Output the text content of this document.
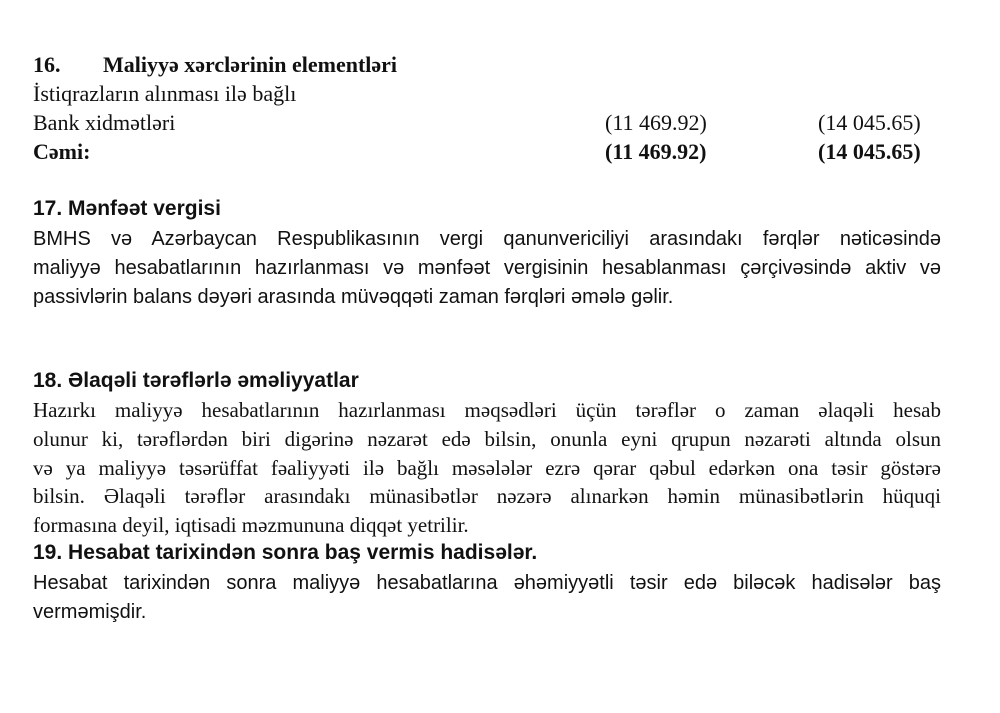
16. Maliyyə xərclərinin elementləri
İstiqrazların alınması ilə bağlı
Bank xidmətləri	(11 469.92)	(14 045.65)
Cəmi:	(11 469.92)	(14 045.65)
17. Mənfəət vergisi
BMHS və Azərbaycan Respublikasının vergi qanunvericiliyi arasındakı fərqlər nəticəsində
maliyyə hesabatlarının hazırlanması və mənfəət vergisinin hesablanması çərçivəsində aktiv və
passivlərin balans dəyəri arasında müvəqqəti zaman fərqləri əmələ gəlir.
18. Əlaqəli tərəflərlə əməliyyatlar
Hazırkı maliyyə hesabatlarının hazırlanması məqsədləri üçün tərəflər o zaman əlaqəli hesab
olunur ki, tərəflərdən biri digərinə nəzarət edə bilsin, onunla eyni qrupun nəzarəti altında olsun
və ya maliyyə təsərüffat fəaliyyəti ilə bağlı məsələlər ezrə qərar qəbul edərkən ona təsir göstərə
bilsin. Əlaqəli tərəflər arasındakı münasibətlər nəzərə alınarkən həmin münasibətlərin hüquqi
formasına deyil, iqtisadi məzmununa diqqət yetrilir.
19. Hesabat tarixindən sonra baş vermis hadisələr.
Hesabat tarixindən sonra maliyyə hesabatlarına əhəmiyyətli təsir edə biləcək hadisələr baş
verməmişdir.
